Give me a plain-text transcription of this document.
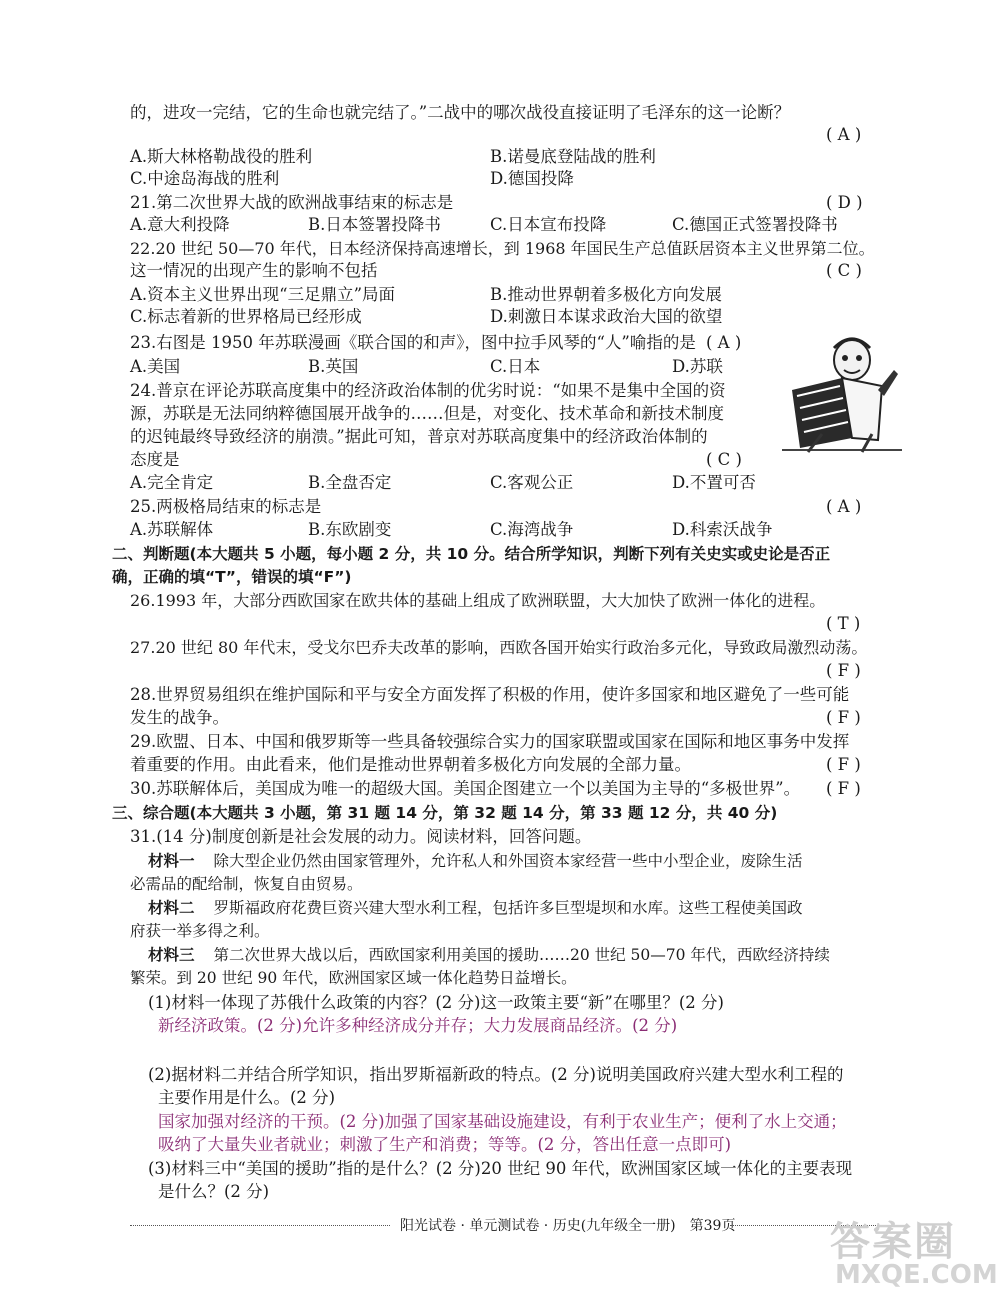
的，进攻一完结，它的生命也就完结了。”二战中的哪次战役直接证明了毛泽东的这一论断？
( A )
A.斯大林格勒战役的胜利	B.诺曼底登陆战的胜利
C.中途岛海战的胜利	D.德国投降
21.第二次世界大战的欧洲战事结束的标志是	( D )
A.意大利投降	B.日本签署投降书	C.日本宣布投降	C.德国正式签署投降书
22.20 世纪 50—70 年代，日本经济保持高速增长，到 1968 年国民生产总值跃居资本主义世界第二位。
这一情况的出现产生的影响不包括	( C )
A.资本主义世界出现“三足鼎立”局面	B.推动世界朝着多极化方向发展
C.标志着新的世界格局已经形成	D.刺激日本谋求政治大国的欲望
23.右图是 1950 年苏联漫画《联合国的和声》，图中拉手风琴的“人”喻指的是 ( A )
A.美国	B.英国	C.日本	D.苏联
24.普京在评论苏联高度集中的经济政治体制的优劣时说：“如果不是集中全国的资
源，苏联是无法同纳粹德国展开战争的……但是，对变化、技术革命和新技术制度
的迟钝最终导致经济的崩溃。”据此可知，普京对苏联高度集中的经济政治体制的
态度是	( C )
A.完全肯定	B.全盘否定	C.客观公正	D.不置可否
25.两极格局结束的标志是	( A )
A.苏联解体	B.东欧剧变	C.海湾战争	D.科索沃战争
二、判断题(本大题共 5 小题，每小题 2 分，共 10 分。结合所学知识，判断下列有关史实或史论是否正
确，正确的填“T”，错误的填“F”)
26.1993 年，大部分西欧国家在欧共体的基础上组成了欧洲联盟，大大加快了欧洲一体化的进程。
( T )
27.20 世纪 80 年代末，受戈尔巴乔夫改革的影响，西欧各国开始实行政治多元化，导致政局激烈动荡。
( F )
28.世界贸易组织在维护国际和平与安全方面发挥了积极的作用，使许多国家和地区避免了一些可能
发生的战争。	( F )
29.欧盟、日本、中国和俄罗斯等一些具备较强综合实力的国家联盟或国家在国际和地区事务中发挥
着重要的作用。由此看来，他们是推动世界朝着多极化方向发展的全部力量。	( F )
30.苏联解体后，美国成为唯一的超级大国。美国企图建立一个以美国为主导的“多极世界”。 ( F )
三、综合题(本大题共 3 小题，第 31 题 14 分，第 32 题 14 分，第 33 题 12 分，共 40 分)
31.(14 分)制度创新是社会发展的动力。阅读材料，回答问题。
材料一 除大型企业仍然由国家管理外，允许私人和外国资本家经营一些中小型企业，废除生活
必需品的配给制，恢复自由贸易。
材料二 罗斯福政府花费巨资兴建大型水利工程，包括许多巨型堤坝和水库。这些工程使美国政
府获一举多得之利。
材料三 第二次世界大战以后，西欧国家利用美国的援助……20 世纪 50—70 年代，西欧经济持续
繁荣。到 20 世纪 90 年代，欧洲国家区域一体化趋势日益增长。
(1)材料一体现了苏俄什么政策的内容？(2 分)这一政策主要“新”在哪里？(2 分)
新经济政策。(2 分)允许多种经济成分并存；大力发展商品经济。(2 分)
(2)据材料二并结合所学知识，指出罗斯福新政的特点。(2 分)说明美国政府兴建大型水利工程的
主要作用是什么。(2 分)
国家加强对经济的干预。(2 分)加强了国家基础设施建设，有利于农业生产；便利了水上交通；
吸纳了大量失业者就业；刺激了生产和消费；等等。(2 分，答出任意一点即可)
(3)材料三中“美国的援助”指的是什么？(2 分)20 世纪 90 年代，欧洲国家区域一体化的主要表现
是什么？(2 分)
阳光试卷 · 单元测试卷 · 历史(九年级全一册)　第39页 答案圈
MXQE.COM
